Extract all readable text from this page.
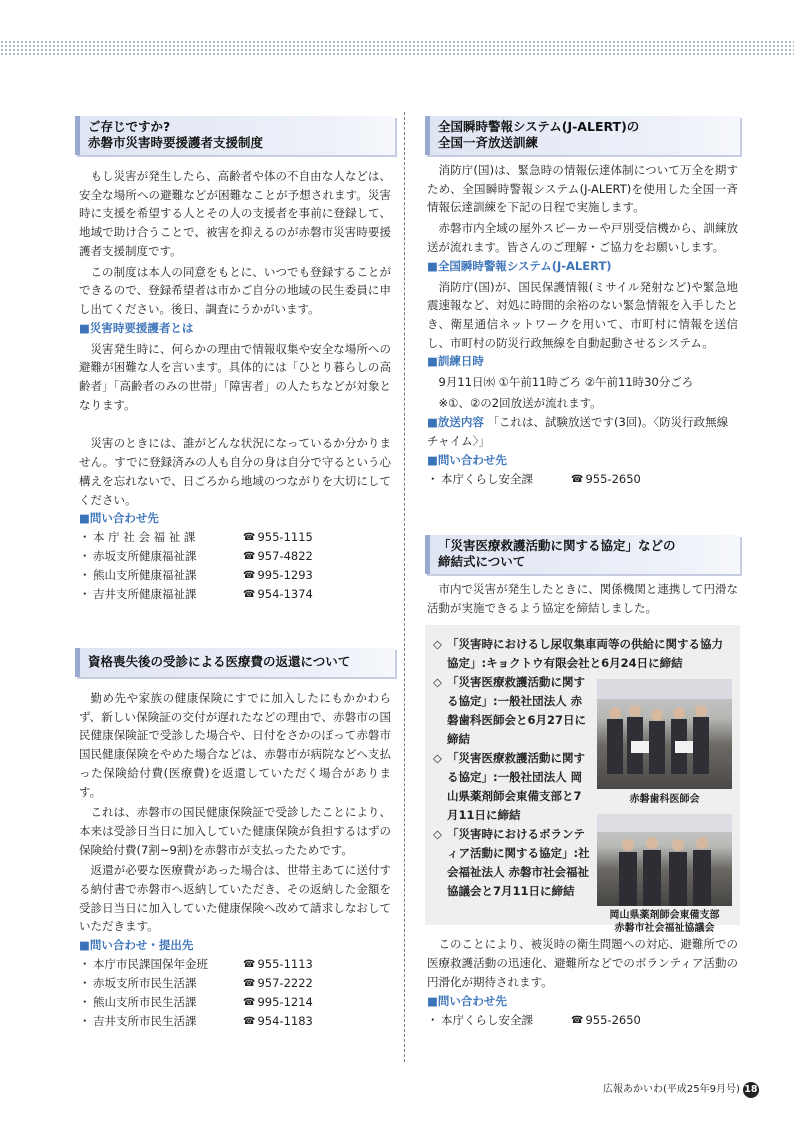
ご存じですか?
赤磐市災害時要援護者支援制度

もし災害が発生したら、高齢者や体の不自由な人などは、安全な場所への避難などが困難なことが予想されます。災害時に支援を希望する人とその人の支援者を事前に登録して、地域で助け合うことで、被害を抑えるのが赤磐市災害時要援護者支援制度です。

この制度は本人の同意をもとに、いつでも登録することができるので、登録希望者は市かご自分の地域の民生委員に申し出てください。後日、調査にうかがいます。

■災害時要援護者とは

災害発生時に、何らかの理由で情報収集や安全な場所への避難が困難な人を言います。具体的には「ひとり暮らしの高齢者」「高齢者のみの世帯」「障害者」の人たちなどが対象となります。

災害のときには、誰がどんな状況になっているか分かりません。すでに登録済みの人も自分の身は自分で守るという心構えを忘れないで、日ごろから地域のつながりを大切にしてください。

■問い合わせ先
・ 本 庁 社 会 福 祉 課	☎ 955-1115
・ 赤坂支所健康福祉課	☎ 957-4822
・ 熊山支所健康福祉課	☎ 995-1293
・ 吉井支所健康福祉課	☎ 954-1374
資格喪失後の受診による医療費の返還について

勤め先や家族の健康保険にすでに加入したにもかかわらず、新しい保険証の交付が遅れたなどの理由で、赤磐市の国民健康保険証で受診した場合や、日付をさかのぼって赤磐市国民健康保険をやめた場合などは、赤磐市が病院などへ支払った保険給付費(医療費)を返還していただく場合があります。

これは、赤磐市の国民健康保険証で受診したことにより、本来は受診日当日に加入していた健康保険が負担するはずの保険給付費(7割~9割)を赤磐市が支払ったためです。

返還が必要な医療費があった場合は、世帯主あてに送付する納付書で赤磐市へ返納していただき、その返納した金額を受診日当日に加入していた健康保険へ改めて請求しなおしていただきます。

■問い合わせ・提出先
・ 本庁市民課国保年金班	☎ 955-1113
・ 赤坂支所市民生活課	☎ 957-2222
・ 熊山支所市民生活課	☎ 995-1214
・ 吉井支所市民生活課	☎ 954-1183
全国瞬時警報システム(J-ALERT)の
全国一斉放送訓練

消防庁(国)は、緊急時の情報伝達体制について万全を期すため、全国瞬時警報システム(J-ALERT)を使用した全国一斉情報伝達訓練を下記の日程で実施します。

赤磐市内全域の屋外スピーカーや戸別受信機から、訓練放送が流れます。皆さんのご理解・ご協力をお願いします。

■全国瞬時警報システム(J-ALERT)

消防庁(国)が、国民保護情報(ミサイル発射など)や緊急地震速報など、対処に時間的余裕のない緊急情報を入手したとき、衛星通信ネットワークを用いて、市町村に情報を送信し、市町村の防災行政無線を自動起動させるシステム。

■訓練日時

9月11日㈬ ①午前11時ごろ ②午前11時30分ごろ

※①、②の2回放送が流れます。

■放送内容 「これは、試験放送です(3回)。〈防災行政無線チャイム〉」
■問い合わせ先
・ 本庁くらし安全課	☎ 955-2650
「災害医療救護活動に関する協定」などの
締結式について

市内で災害が発生したときに、関係機関と連携して円滑な活動が実施できるよう協定を締結しました。

◇ 「災害時におけるし尿収集車両等の供給に関する協力協定」:キョクトウ有限会社と6月24日に締結
◇ 「災害医療救護活動に関する協定」:一般社団法人 赤磐歯科医師会と6月27日に締結
◇ 「災害医療救護活動に関する協定」:一般社団法人 岡山県薬剤師会東備支部と7月11日に締結
◇ 「災害時におけるボランティア活動に関する協定」:社会福祉法人 赤磐市社会福祉協議会と7月11日に締結
赤磐歯科医師会
岡山県薬剤師会東備支部
赤磐市社会福祉協議会

このことにより、被災時の衛生問題への対応、避難所での医療救護活動の迅速化、避難所などでのボランティア活動の円滑化が期待されます。

■問い合わせ先
・ 本庁くらし安全課	☎ 955-2650
広報あかいわ(平成25年9月号) 18
